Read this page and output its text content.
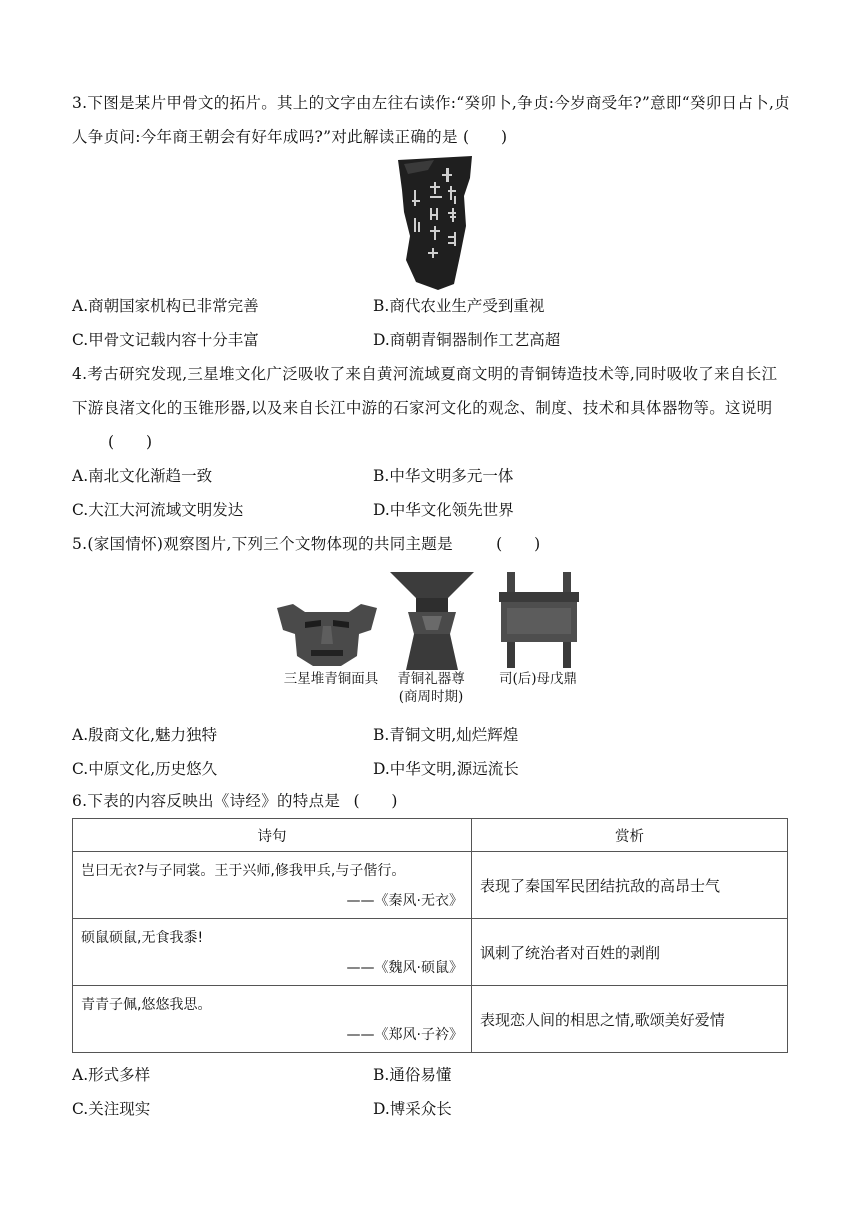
3.下图是某片甲骨文的拓片。其上的文字由左往右读作:“癸卯卜,争贞:今岁商受年?”意即“癸卯日占卜,贞人争贞问:今年商王朝会有好年成吗?”对此解读正确的是 (　　)
A.商朝国家机构已非常完善	B.商代农业生产受到重视
C.甲骨文记载内容十分丰富	D.商朝青铜器制作工艺高超
4.考古研究发现,三星堆文化广泛吸收了来自黄河流域夏商文明的青铜铸造技术等,同时吸收了来自长江下游良渚文化的玉锥形器,以及来自长江中游的石家河文化的观念、制度、技术和具体器物等。这说明 (　　)
A.南北文化渐趋一致	B.中华文明多元一体
C.大江大河流域文明发达	D.中华文化领先世界
5.(家国情怀)观察图片,下列三个文物体现的共同主题是	(　　)
三星堆青铜面具	青铜礼器尊
(商周时期)
司(后)母戊鼎
A.殷商文化,魅力独特	B.青铜文明,灿烂辉煌
C.中原文化,历史悠久	D.中华文明,源远流长
6.下表的内容反映出《诗经》的特点是 (　　)
诗句	赏析

岂曰无衣?与子同裳。王于兴师,修我甲兵,与子偕行。
——《秦风·无衣》	表现了秦国军民团结抗敌的高昂士气

硕鼠硕鼠,无食我黍!
——《魏风·硕鼠》	讽刺了统治者对百姓的剥削

青青子佩,悠悠我思。
——《郑风·子衿》	表现恋人间的相思之情,歌颂美好爱情
A.形式多样	B.通俗易懂
C.关注现实	D.博采众长
